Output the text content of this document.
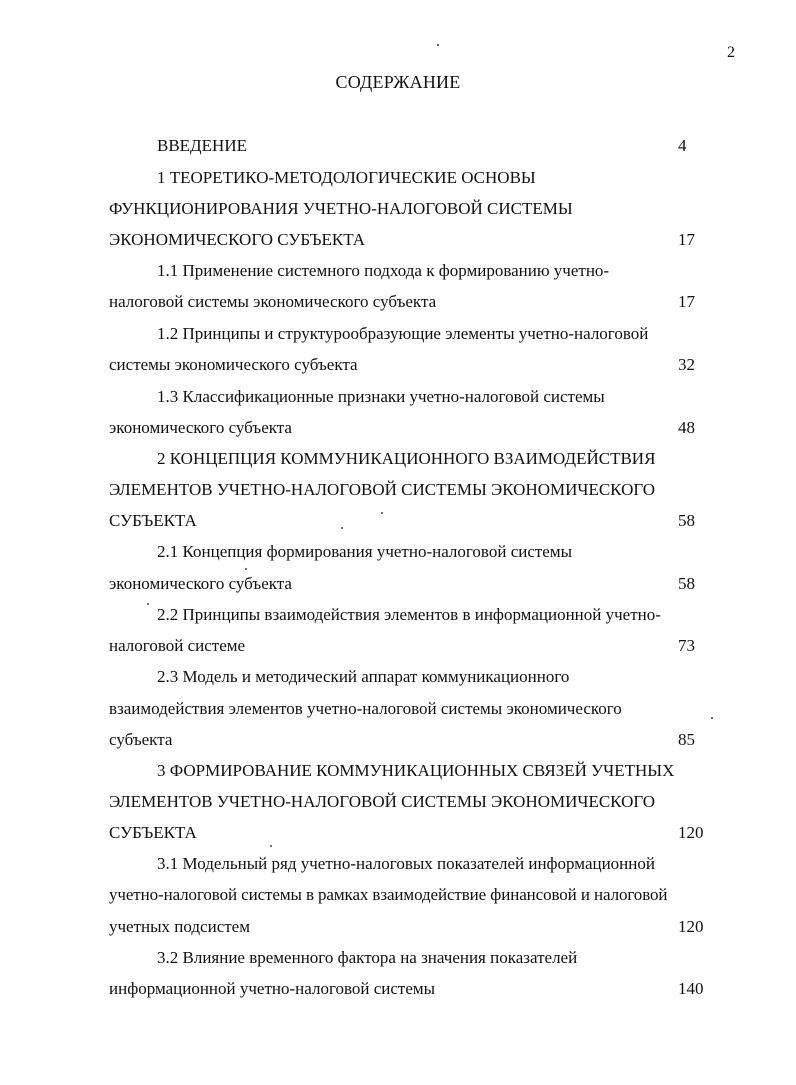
2
СОДЕРЖАНИЕ
ВВЕДЕНИЕ	4
1 ТЕОРЕТИКО-МЕТОДОЛОГИЧЕСКИЕ ОСНОВЫ
ФУНКЦИОНИРОВАНИЯ УЧЕТНО-НАЛОГОВОЙ СИСТЕМЫ
ЭКОНОМИЧЕСКОГО СУБЪЕКТА	17
1.1 Применение системного подхода к формированию учетно-
налоговой системы экономического субъекта	17
1.2 Принципы и структурообразующие элементы учетно-налоговой
системы экономического субъекта	32
1.3 Классификационные признаки учетно-налоговой системы
экономического субъекта	48
2 КОНЦЕПЦИЯ КОММУНИКАЦИОННОГО ВЗАИМОДЕЙСТВИЯ
ЭЛЕМЕНТОВ УЧЕТНО-НАЛОГОВОЙ СИСТЕМЫ ЭКОНОМИЧЕСКОГО
СУБЪЕКТА	58
2.1 Концепция формирования учетно-налоговой системы
экономического субъекта	58
2.2 Принципы взаимодействия элементов в информационной учетно-
налоговой системе	73
2.3 Модель и методический аппарат коммуникационного
взаимодействия элементов учетно-налоговой системы экономического
субъекта	85
3 ФОРМИРОВАНИЕ КОММУНИКАЦИОННЫХ СВЯЗЕЙ УЧЕТНЫХ
ЭЛЕМЕНТОВ УЧЕТНО-НАЛОГОВОЙ СИСТЕМЫ ЭКОНОМИЧЕСКОГО
СУБЪЕКТА	120
3.1 Модельный ряд учетно-налоговых показателей информационной
учетно-налоговой системы в рамках взаимодействие финансовой и налоговой
учетных подсистем	120
3.2 Влияние временного фактора на значения показателей
информационной учетно-налоговой системы	140
